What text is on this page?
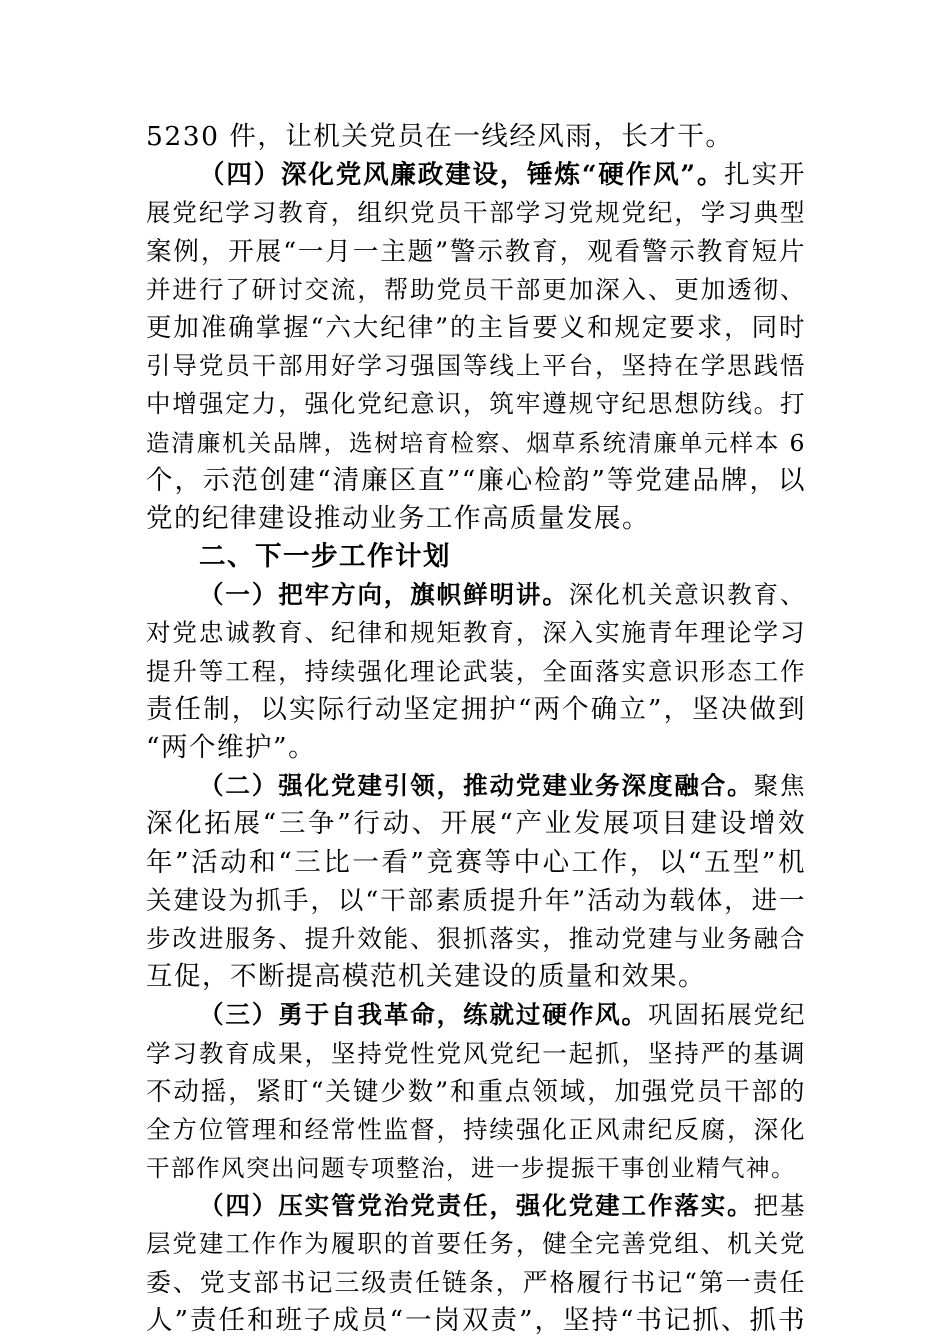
5230 件，让机关党员在一线经风雨，长才干。
（四）深化党风廉政建设，锤炼“硬作风”。扎实开
展党纪学习教育，组织党员干部学习党规党纪，学习典型
案例，开展“一月一主题”警示教育，观看警示教育短片
并进行了研讨交流，帮助党员干部更加深入、更加透彻、
更加准确掌握“六大纪律”的主旨要义和规定要求，同时
引导党员干部用好学习强国等线上平台，坚持在学思践悟
中增强定力，强化党纪意识，筑牢遵规守纪思想防线。打
造清廉机关品牌，选树培育检察、烟草系统清廉单元样本 6
个，示范创建“清廉区直”“廉心检韵”等党建品牌，以
党的纪律建设推动业务工作高质量发展。
二、下一步工作计划
（一）把牢方向，旗帜鲜明讲。深化机关意识教育、
对党忠诚教育、纪律和规矩教育，深入实施青年理论学习
提升等工程，持续强化理论武装，全面落实意识形态工作
责任制，以实际行动坚定拥护“两个确立”，坚决做到
“两个维护”。
（二）强化党建引领，推动党建业务深度融合。聚焦
深化拓展“三争”行动、开展“产业发展项目建设增效
年”活动和“三比一看”竞赛等中心工作，以“五型”机
关建设为抓手，以“干部素质提升年”活动为载体，进一
步改进服务、提升效能、狠抓落实，推动党建与业务融合
互促，不断提高模范机关建设的质量和效果。
（三）勇于自我革命，练就过硬作风。巩固拓展党纪
学习教育成果，坚持党性党风党纪一起抓，坚持严的基调
不动摇，紧盯“关键少数”和重点领域，加强党员干部的
全方位管理和经常性监督，持续强化正风肃纪反腐，深化
干部作风突出问题专项整治，进一步提振干事创业精气神。
（四）压实管党治党责任，强化党建工作落实。把基
层党建工作作为履职的首要任务，健全完善党组、机关党
委、党支部书记三级责任链条，严格履行书记“第一责任
人”责任和班子成员“一岗双责”，坚持“书记抓、抓书
